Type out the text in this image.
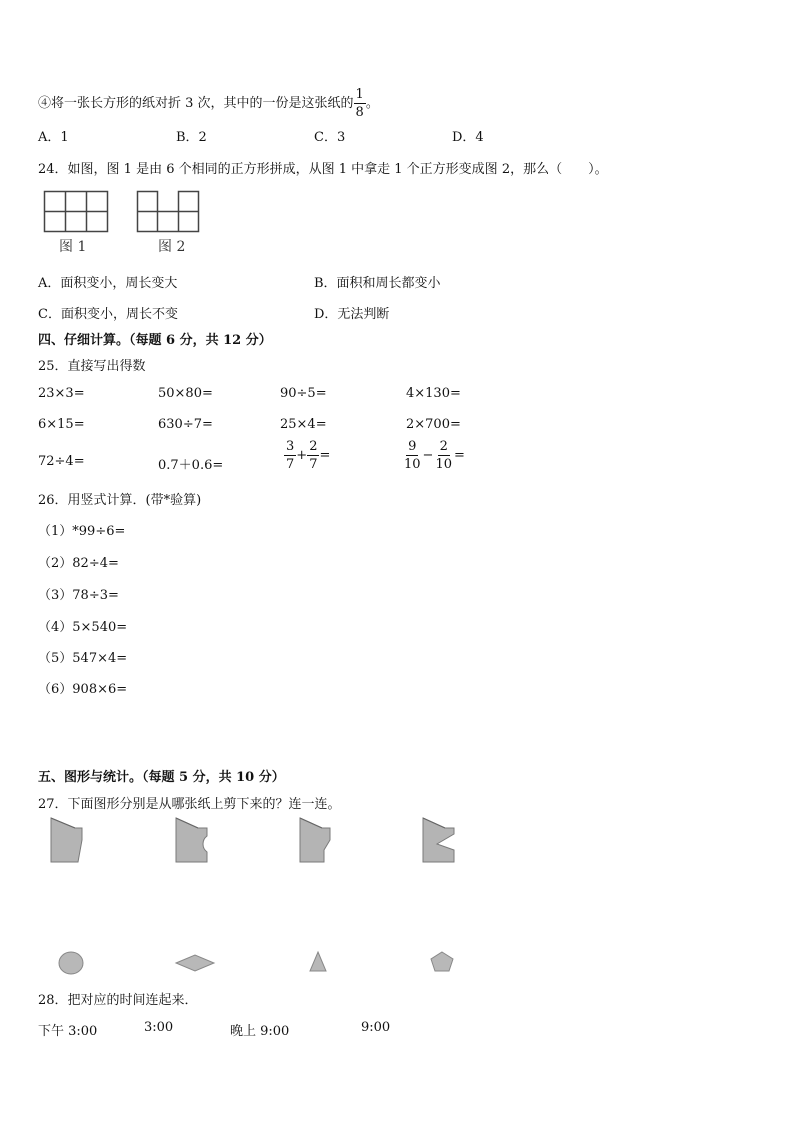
④将一张长方形的纸对折 3 次，其中的一份是这张纸的 $\frac{1}{8}$ 。
A．1	B．2	C．3	D．4
24．如图，图 1 是由 6 个相同的正方形拼成，从图 1 中拿走 1 个正方形变成图 2，那么（　　）。
图 1	图 2
A．面积变小，周长变大	B．面积和周长都变小
C．面积变小，周长不变	D．无法判断
四、仔细计算。（每题 6 分，共 12 分）
25．直接写出得数
23×3=	50×80=	90÷5=	4×130=
6×15=	630÷7=	25×4=	2×700=
72÷4=	0.7＋0.6=	$\frac{3}{7} + \frac{2}{7}$ =	$\frac{9}{10} - \frac{2}{10}$ =
26．用竖式计算．(带*验算)
（1）*99÷6=
（2）82÷4=
（3）78÷3=
（4）5×540=
（5）547×4=
（6）908×6=
五、图形与统计。（每题 5 分，共 10 分）
27．下面图形分别是从哪张纸上剪下来的？连一连。
28．把对应的时间连起来．
下午 3:00	3:00	晚上 9:00	9:00
